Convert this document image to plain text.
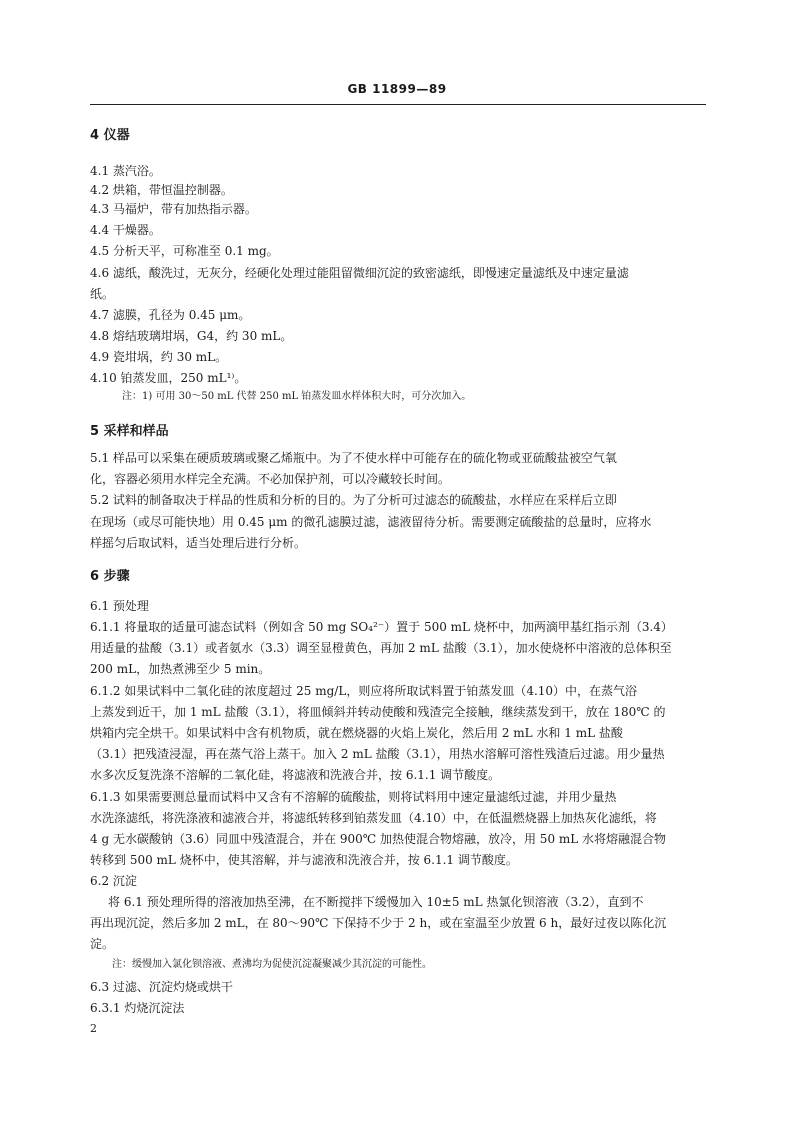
GB 11899—89

4 仪器

4.1 蒸汽浴。

4.2 烘箱，带恒温控制器。

4.3 马福炉，带有加热指示器。

4.4 干燥器。

4.5 分析天平，可称准至 0.1 mg。

4.6 滤纸，酸洗过，无灰分，经硬化处理过能阻留微细沉淀的致密滤纸，即慢速定量滤纸及中速定量滤

纸。

4.7 滤膜，孔径为 0.45 μm。

4.8 熔结玻璃坩埚，G4，约 30 mL。

4.9 瓷坩埚，约 30 mL。

4.10 铂蒸发皿，250 mL¹⁾。

注：1) 可用 30～50 mL 代替 250 mL 铂蒸发皿水样体积大时，可分次加入。

5 采样和样品

5.1 样品可以采集在硬质玻璃或聚乙烯瓶中。为了不使水样中可能存在的硫化物或亚硫酸盐被空气氧

化，容器必须用水样完全充满。不必加保护剂，可以冷藏较长时间。

5.2 试料的制备取决于样品的性质和分析的目的。为了分析可过滤态的硫酸盐，水样应在采样后立即

在现场（或尽可能快地）用 0.45 μm 的微孔滤膜过滤，滤液留待分析。需要测定硫酸盐的总量时，应将水

样摇匀后取试料，适当处理后进行分析。

6 步骤

6.1 预处理

6.1.1 将量取的适量可滤态试料（例如含 50 mg SO₄²⁻）置于 500 mL 烧杯中，加两滴甲基红指示剂（3.4）

用适量的盐酸（3.1）或者氨水（3.3）调至显橙黄色，再加 2 mL 盐酸（3.1），加水使烧杯中溶液的总体积至

200 mL，加热煮沸至少 5 min。

6.1.2 如果试料中二氧化硅的浓度超过 25 mg/L，则应将所取试料置于铂蒸发皿（4.10）中，在蒸气浴

上蒸发到近干，加 1 mL 盐酸（3.1），将皿倾斜并转动使酸和残渣完全接触，继续蒸发到干，放在 180℃ 的

烘箱内完全烘干。如果试料中含有机物质，就在燃烧器的火焰上炭化，然后用 2 mL 水和 1 mL 盐酸

（3.1）把残渣浸湿，再在蒸气浴上蒸干。加入 2 mL 盐酸（3.1），用热水溶解可溶性残渣后过滤。用少量热

水多次反复洗涤不溶解的二氧化硅，将滤液和洗液合并，按 6.1.1 调节酸度。

6.1.3 如果需要测总量而试料中又含有不溶解的硫酸盐，则将试料用中速定量滤纸过滤，并用少量热

水洗涤滤纸，将洗涤液和滤液合并，将滤纸转移到铂蒸发皿（4.10）中，在低温燃烧器上加热灰化滤纸，将

4 g 无水碳酸钠（3.6）同皿中残渣混合，并在 900℃ 加热使混合物熔融，放冷，用 50 mL 水将熔融混合物

转移到 500 mL 烧杯中，使其溶解，并与滤液和洗液合并，按 6.1.1 调节酸度。

6.2 沉淀

将 6.1 预处理所得的溶液加热至沸，在不断搅拌下缓慢加入 10±5 mL 热氯化钡溶液（3.2），直到不

再出现沉淀，然后多加 2 mL，在 80～90℃ 下保持不少于 2 h，或在室温至少放置 6 h，最好过夜以陈化沉

淀。

注：缓慢加入氯化钡溶液、煮沸均为促使沉淀凝聚减少其沉淀的可能性。

6.3 过滤、沉淀灼烧或烘干

6.3.1 灼烧沉淀法

2
